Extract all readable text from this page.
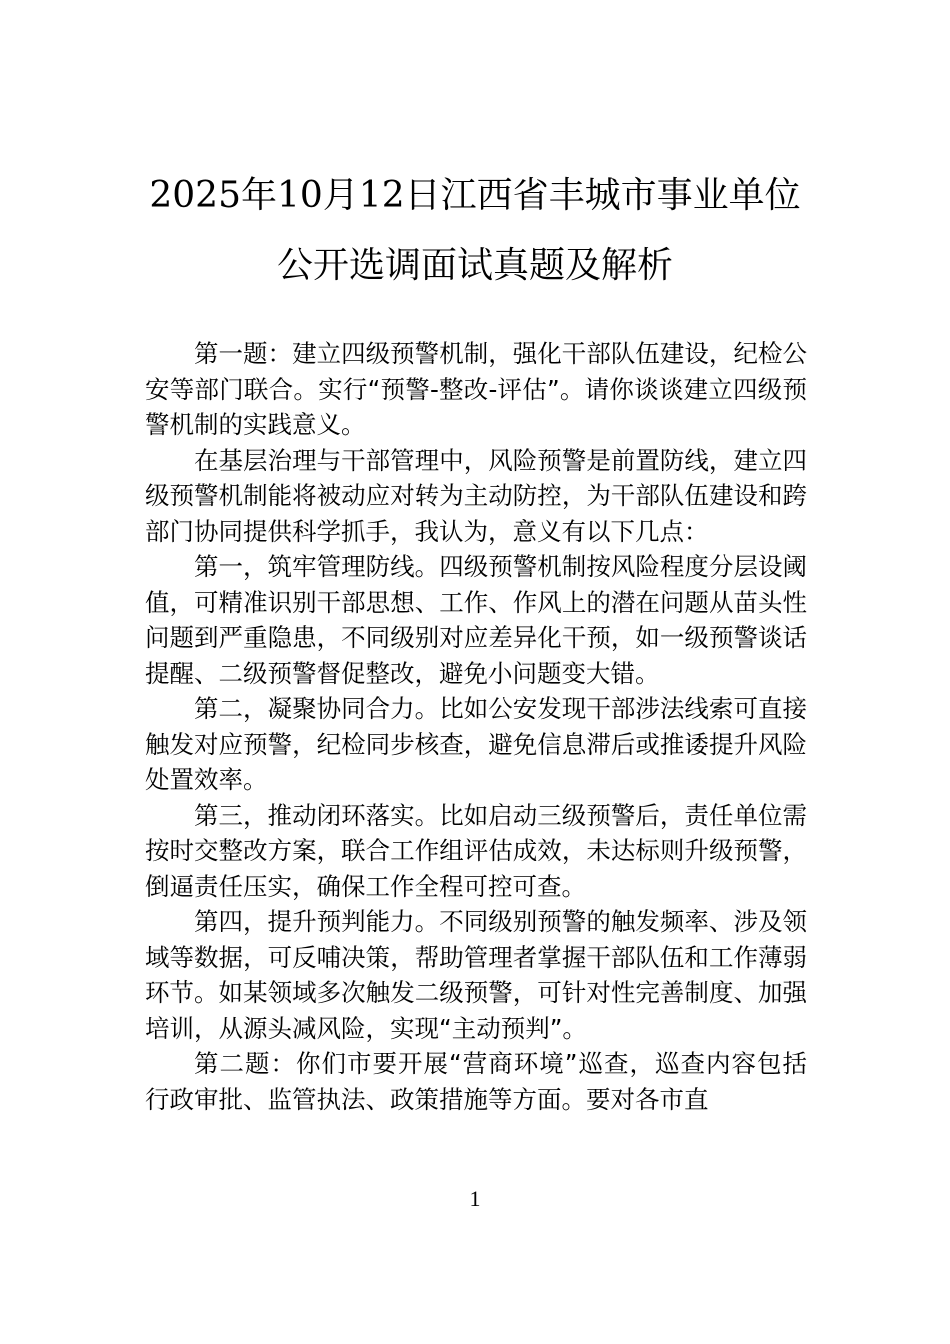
2025年10月12日江西省丰城市事业单位
公开选调面试真题及解析

第一题：建立四级预警机制，强化干部队伍建设，纪检公安等部门联合。实行“预警-整改-评估”。请你谈谈建立四级预警机制的实践意义。

在基层治理与干部管理中，风险预警是前置防线，建立四级预警机制能将被动应对转为主动防控，为干部队伍建设和跨部门协同提供科学抓手，我认为，意义有以下几点：

第一，筑牢管理防线。四级预警机制按风险程度分层设阈值，可精准识别干部思想、工作、作风上的潜在问题从苗头性问题到严重隐患，不同级别对应差异化干预，如一级预警谈话提醒、二级预警督促整改，避免小问题变大错。

第二，凝聚协同合力。比如公安发现干部涉法线索可直接触发对应预警，纪检同步核查，避免信息滞后或推诿提升风险处置效率。

第三，推动闭环落实。比如启动三级预警后，责任单位需按时交整改方案，联合工作组评估成效，未达标则升级预警，倒逼责任压实，确保工作全程可控可查。

第四，提升预判能力。不同级别预警的触发频率、涉及领域等数据，可反哺决策，帮助管理者掌握干部队伍和工作薄弱环节。如某领域多次触发二级预警，可针对性完善制度、加强培训，从源头减风险，实现“主动预判”。

第二题：你们市要开展“营商环境”巡查，巡查内容包括行政审批、监管执法、政策措施等方面。要对各市直

1
